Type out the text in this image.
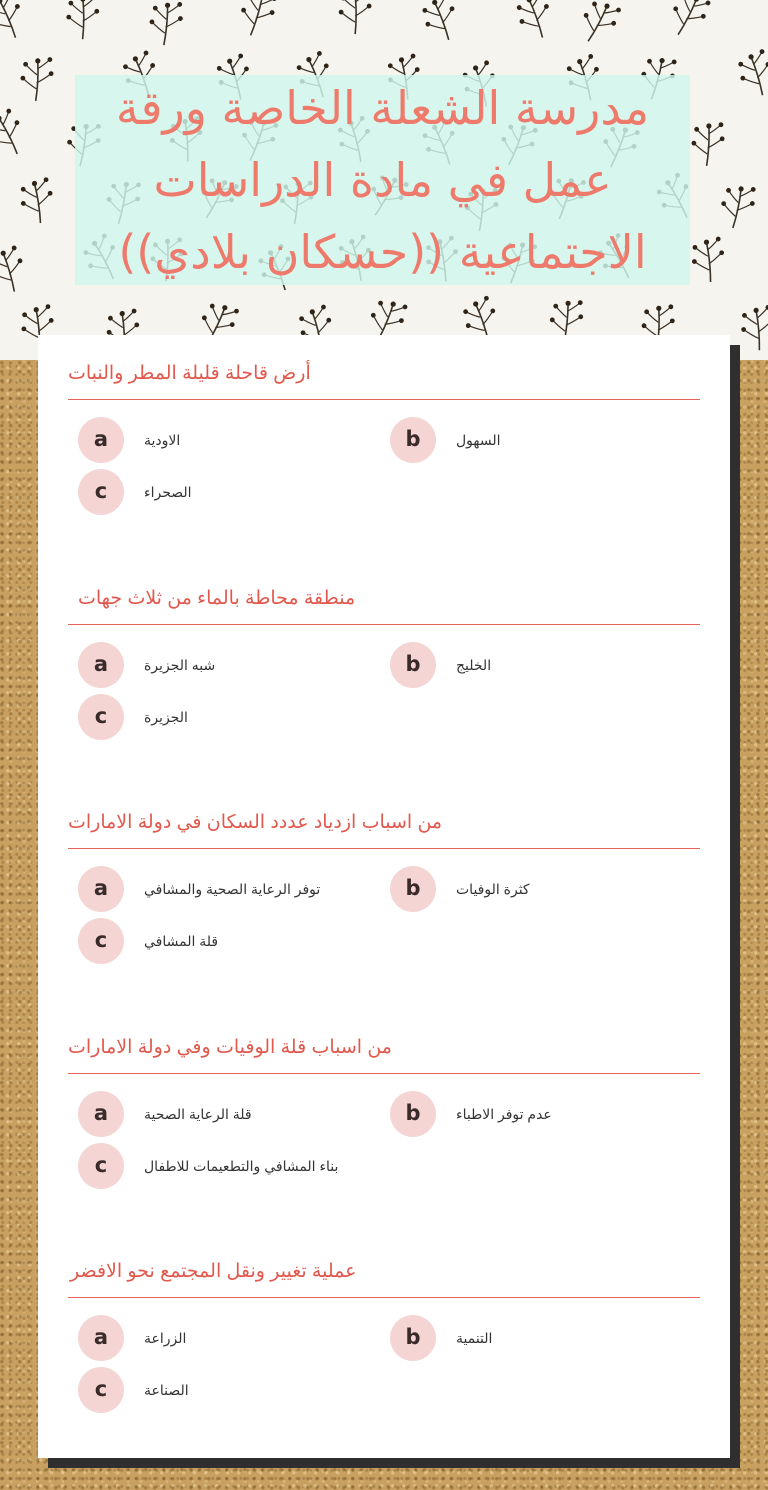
مدرسة الشعلة الخاصة ورقة عمل في مادة الدراسات الاجتماعية ((حسكان بلادي))
أرض قاحلة قليلة المطر والنبات
a	الاودية	b	السهول
c	الصحراء
منطقة محاطة بالماء من ثلاث جهات
a	شبه الجزيرة	b	الخليج
c	الجزيرة
من اسباب ازدياد عددد السكان في دولة الامارات
a	توفر الرعاية الصحية والمشافي	b	كثرة الوفيات
c	قلة المشافي
من اسباب قلة الوفيات وفي دولة الامارات
a	قلة الرعاية الصحية	b	عدم توفر الاطباء
c	بناء المشافي والتطعيمات للاطفال
عملية تغيير ونقل المجتمع نحو الافضر
a	الزراعة	b	التنمية
c	الصناعة
